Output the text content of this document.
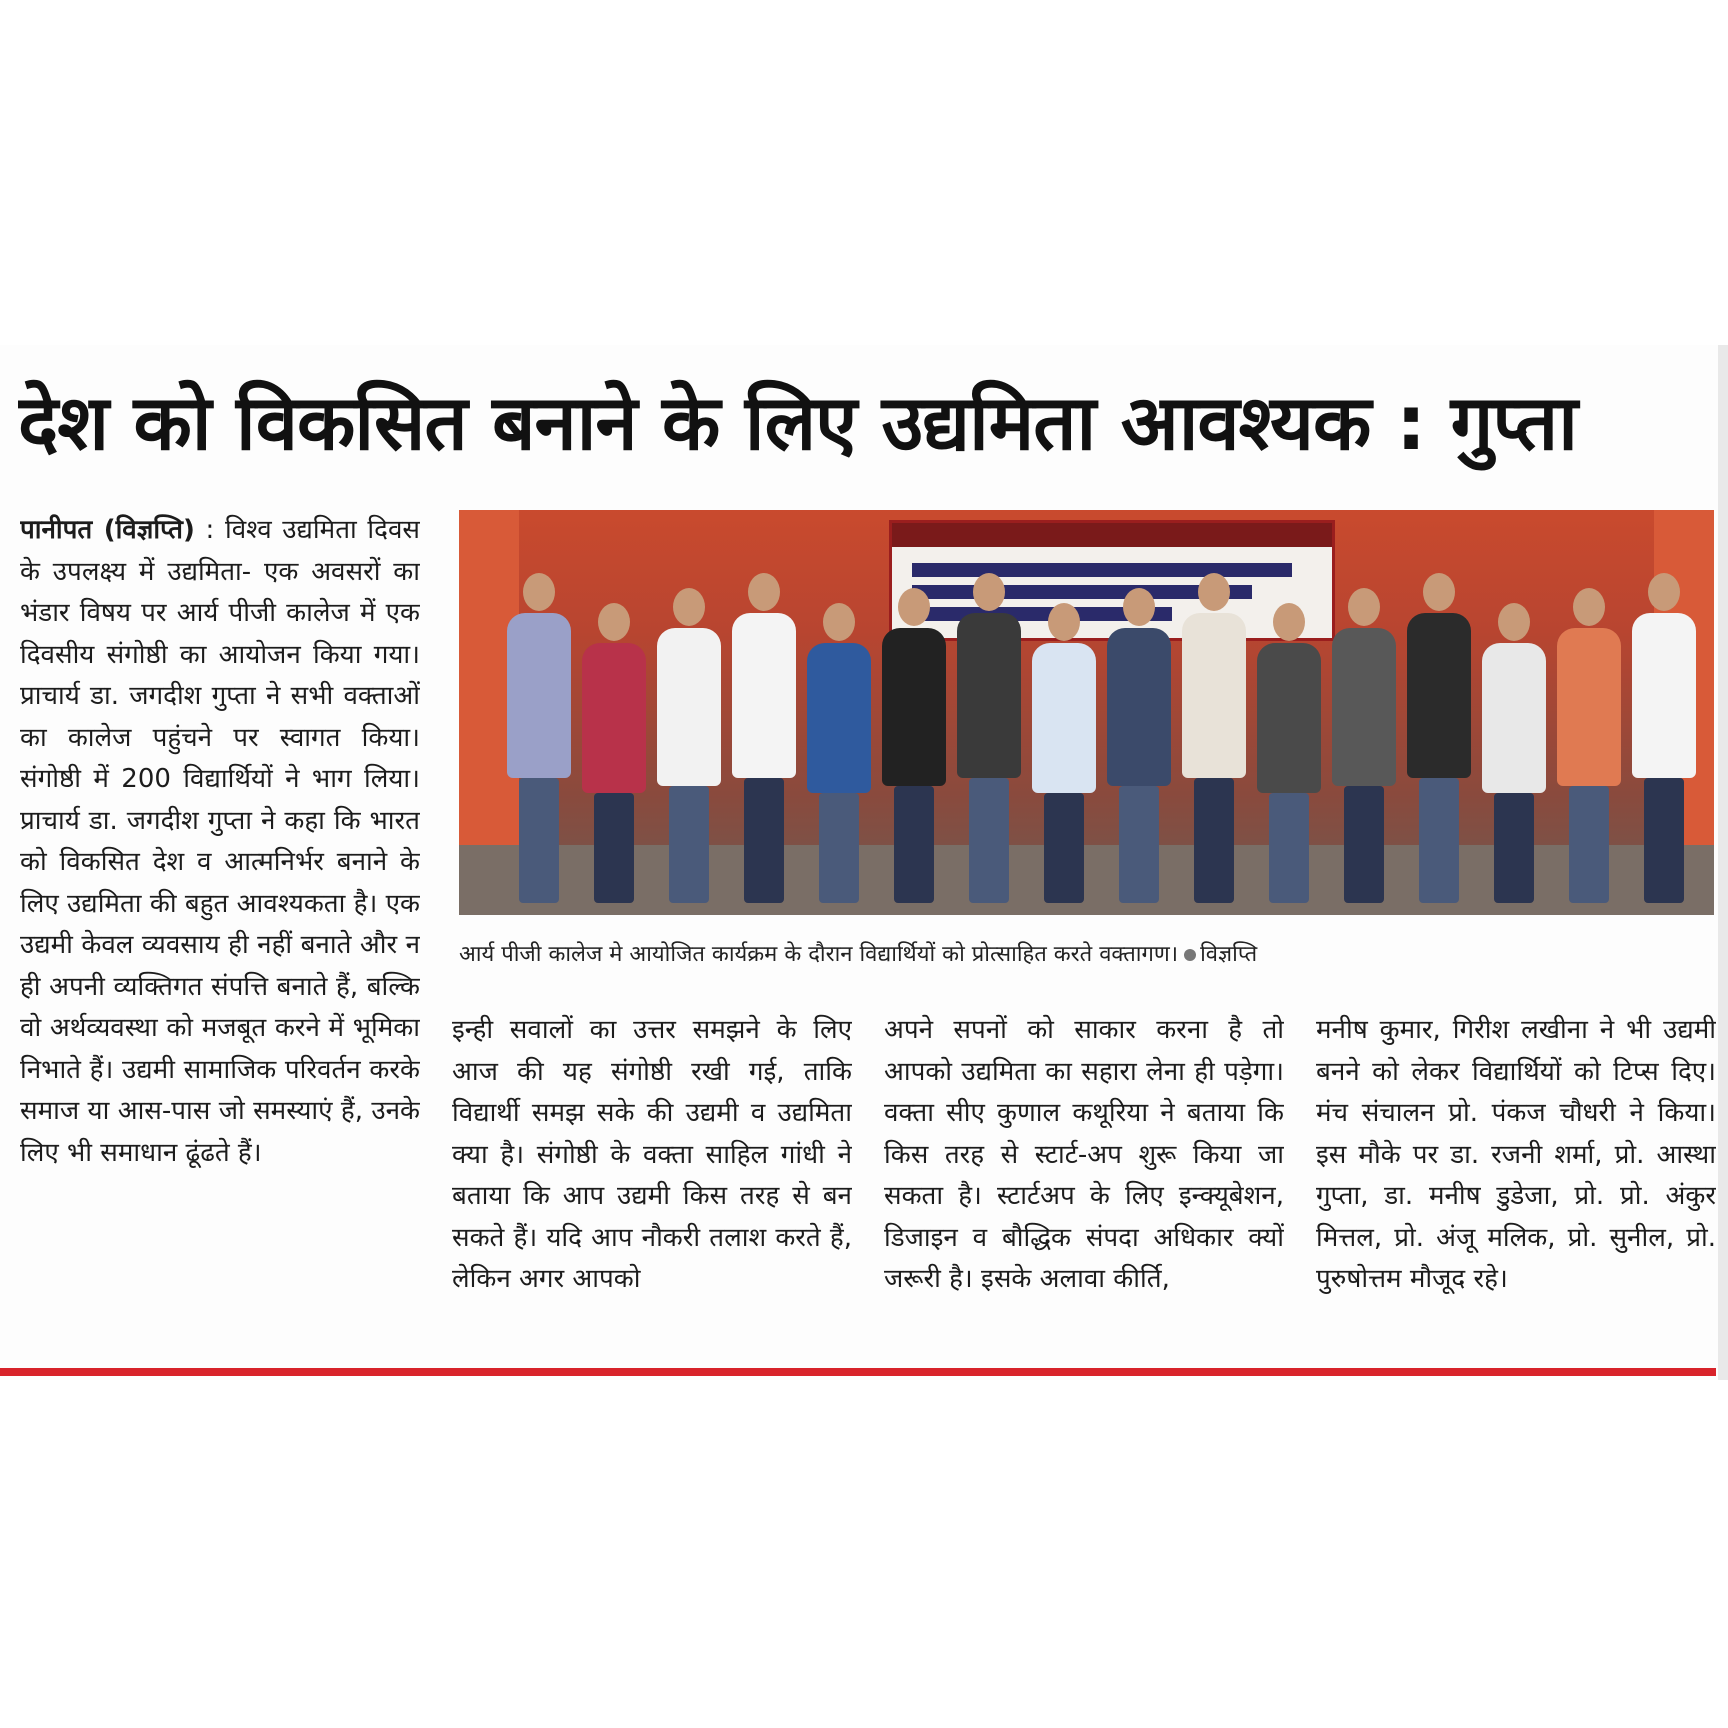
देश को विकसित बनाने के लिए उद्यमिता आवश्यक : गुप्ता
पानीपत (विज्ञप्ति) : विश्व उद्यमिता दिवस के उपलक्ष्य में उद्यमिता- एक अवसरों का भंडार विषय पर आर्य पीजी कालेज में एक दिवसीय संगोष्ठी का आयोजन किया गया। प्राचार्य डा. जगदीश गुप्ता ने सभी वक्ताओं का कालेज पहुंचने पर स्वागत किया। संगोष्ठी में 200 विद्यार्थियों ने भाग लिया। प्राचार्य डा. जगदीश गुप्ता ने कहा कि भारत को विकसित देश व आत्मनिर्भर बनाने के लिए उद्यमिता की बहुत आवश्यकता है। एक उद्यमी केवल व्यवसाय ही नहीं बनाते और न ही अपनी व्यक्तिगत संपत्ति बनाते हैं, बल्कि वो अर्थव्यवस्था को मजबूत करने में भूमिका निभाते हैं। उद्यमी सामाजिक परिवर्तन करके समाज या आस-पास जो समस्याएं हैं, उनके लिए भी समाधान ढूंढते हैं।
आर्य पीजी कालेज मे आयोजित कार्यक्रम के दौरान विद्यार्थियों को प्रोत्साहित करते वक्तागण। विज्ञप्ति
इन्ही सवालों का उत्तर समझने के लिए आज की यह संगोष्ठी रखी गई, ताकि विद्यार्थी समझ सके की उद्यमी व उद्यमिता क्या है। संगोष्ठी के वक्ता साहिल गांधी ने बताया कि आप उद्यमी किस तरह से बन सकते हैं। यदि आप नौकरी तलाश करते हैं, लेकिन अगर आपको
अपने सपनों को साकार करना है तो आपको उद्यमिता का सहारा लेना ही पड़ेगा। वक्ता सीए कुणाल कथूरिया ने बताया कि किस तरह से स्टार्ट-अप शुरू किया जा सकता है। स्टार्टअप के लिए इन्क्यूबेशन, डिजाइन व बौद्धिक संपदा अधिकार क्यों जरूरी है। इसके अलावा कीर्ति,
मनीष कुमार, गिरीश लखीना ने भी उद्यमी बनने को लेकर विद्यार्थियों को टिप्स दिए। मंच संचालन प्रो. पंकज चौधरी ने किया। इस मौके पर डा. रजनी शर्मा, प्रो. आस्था गुप्ता, डा. मनीष डुडेजा, प्रो. प्रो. अंकुर मित्तल, प्रो. अंजू मलिक, प्रो. सुनील, प्रो. पुरुषोत्तम मौजूद रहे।
